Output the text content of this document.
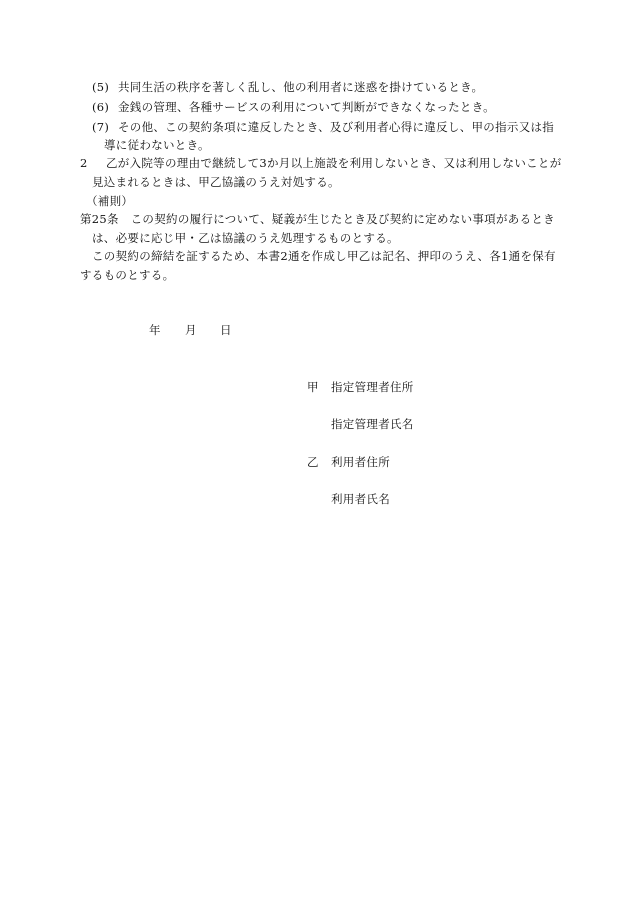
(5) 共同生活の秩序を著しく乱し、他の利用者に迷惑を掛けているとき。
(6) 金銭の管理、各種サービスの利用について判断ができなくなったとき。
(7) その他、この契約条項に違反したとき、及び利用者心得に違反し、甲の指示又は指
導に従わないとき。
2 乙が入院等の理由で継続して3か月以上施設を利用しないとき、又は利用しないことが
見込まれるときは、甲乙協議のうえ対処する。
（補則）
第25条　この契約の履行について、疑義が生じたとき及び契約に定めない事項があるとき
は、必要に応じ甲・乙は協議のうえ処理するものとする。
この契約の締結を証するため、本書2通を作成し甲乙は記名、押印のうえ、各1通を保有
するものとする。
年 月 日
甲 指定管理者住所
指定管理者氏名
乙 利用者住所
利用者氏名
